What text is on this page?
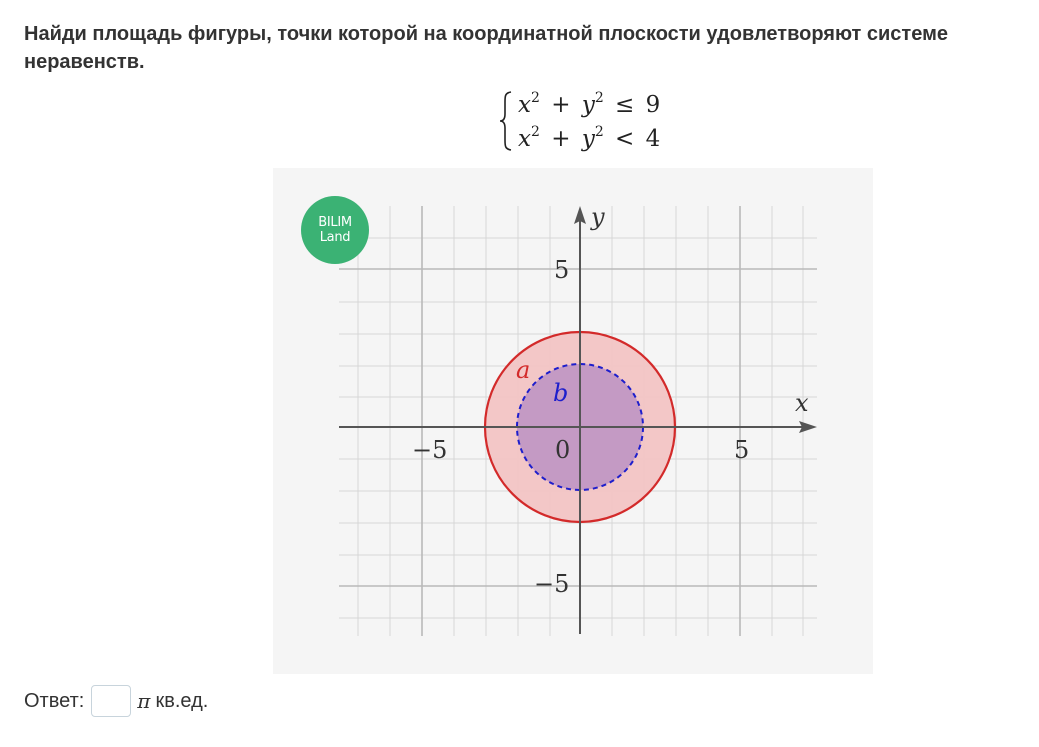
Найди площадь фигуры, точки которой на координатной плоскости удовлетворяют системе неравенств.
$x^2 + y^2 \le 9$
$x^2 + y^2 < 4$
y
x
5
−5
−5	5
0
a
b
BILIM
Land
Ответ:	π кв.ед.
